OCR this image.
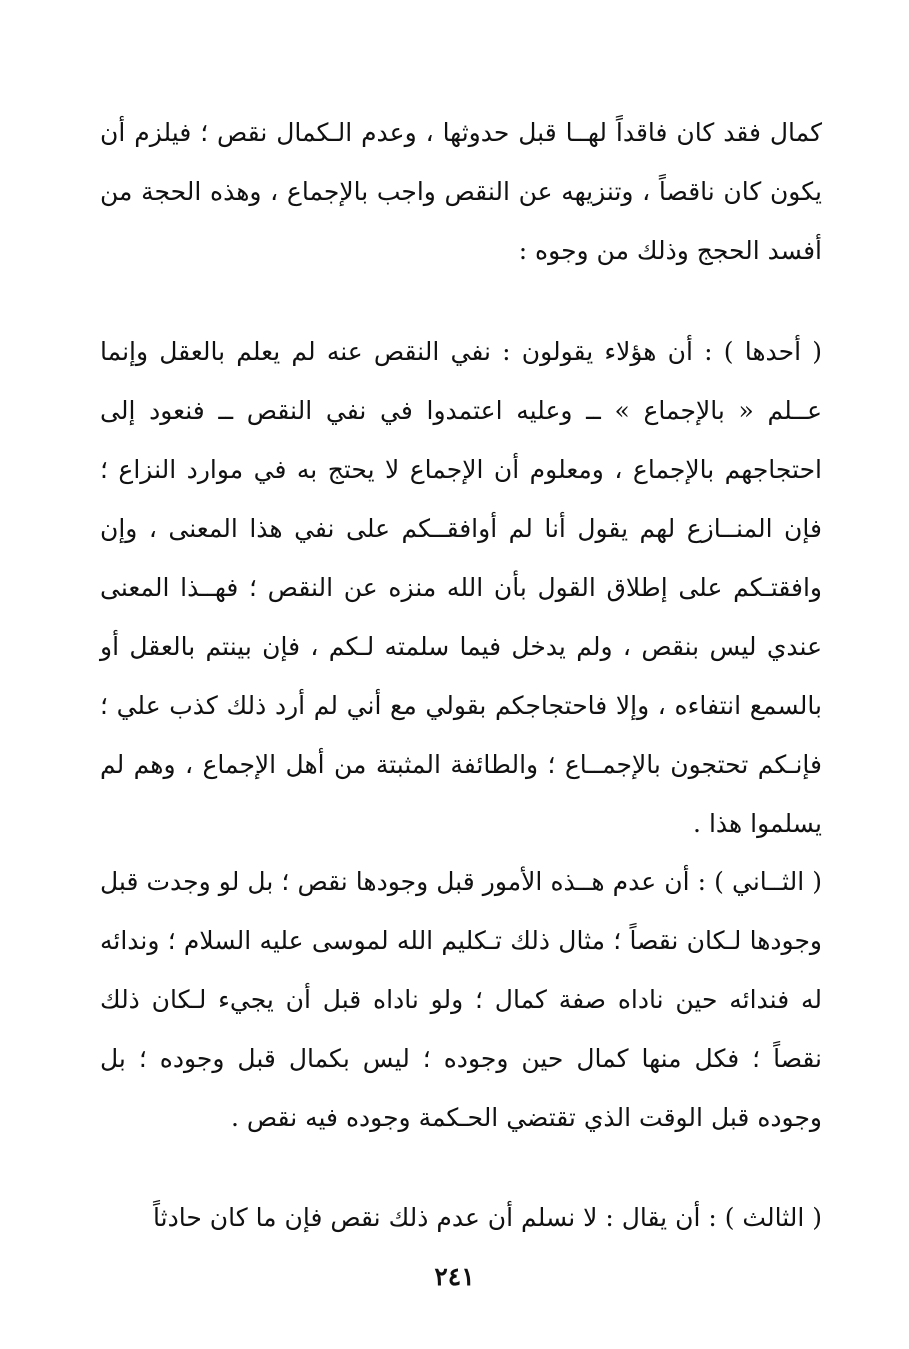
كمال فقد كان فاقداً لهــا قبل حدوثها ، وعدم الـكمال نقص ؛ فيلزم أن يكون كان ناقصاً ، وتنزيهه عن النقص واجب بالإجماع ، وهذه الحجة من أفسد الحجج وذلك من وجوه :

( أحدها ) : أن هؤلاء يقولون : نفي النقص عنه لم يعلم بالعقل وإنما عــلم « بالإجماع » ــ وعليه اعتمدوا في نفي النقص ــ فنعود إلى احتجاجهم بالإجماع ، ومعلوم أن الإجماع لا يحتج به في موارد النزاع ؛ فإن المنــازع لهم يقول أنا لم أوافقــكم على نفي هذا المعنى ، وإن وافقتـكم على إطلاق القول بأن الله منزه عن النقص ؛ فهــذا المعنى عندي ليس بنقص ، ولم يدخل فيما سلمته لـكم ، فإن بينتم بالعقل أو بالسمع انتفاءه ، وإلا فاحتجاجكم بقولي مع أني لم أرد ذلك كذب علي ؛ فإنـكم تحتجون بالإجمــاع ؛ والطائفة المثبتة من أهل الإجماع ، وهم لم يسلموا هذا .

( الثــاني ) : أن عدم هــذه الأمور قبل وجودها نقص ؛ بل لو وجدت قبل وجودها لـكان نقصاً ؛ مثال ذلك تـكليم الله لموسى عليه السلام ؛ وندائه له فندائه حين ناداه صفة كمال ؛ ولو ناداه قبل أن يجيء لـكان ذلك نقصاً ؛ فكل منها كمال حين وجوده ؛ ليس بكمال قبل وجوده ؛ بل وجوده قبل الوقت الذي تقتضي الحـكمة وجوده فيه نقص .

( الثالث ) : أن يقال : لا نسلم أن عدم ذلك نقص فإن ما كان حادثاً

٢٤١
